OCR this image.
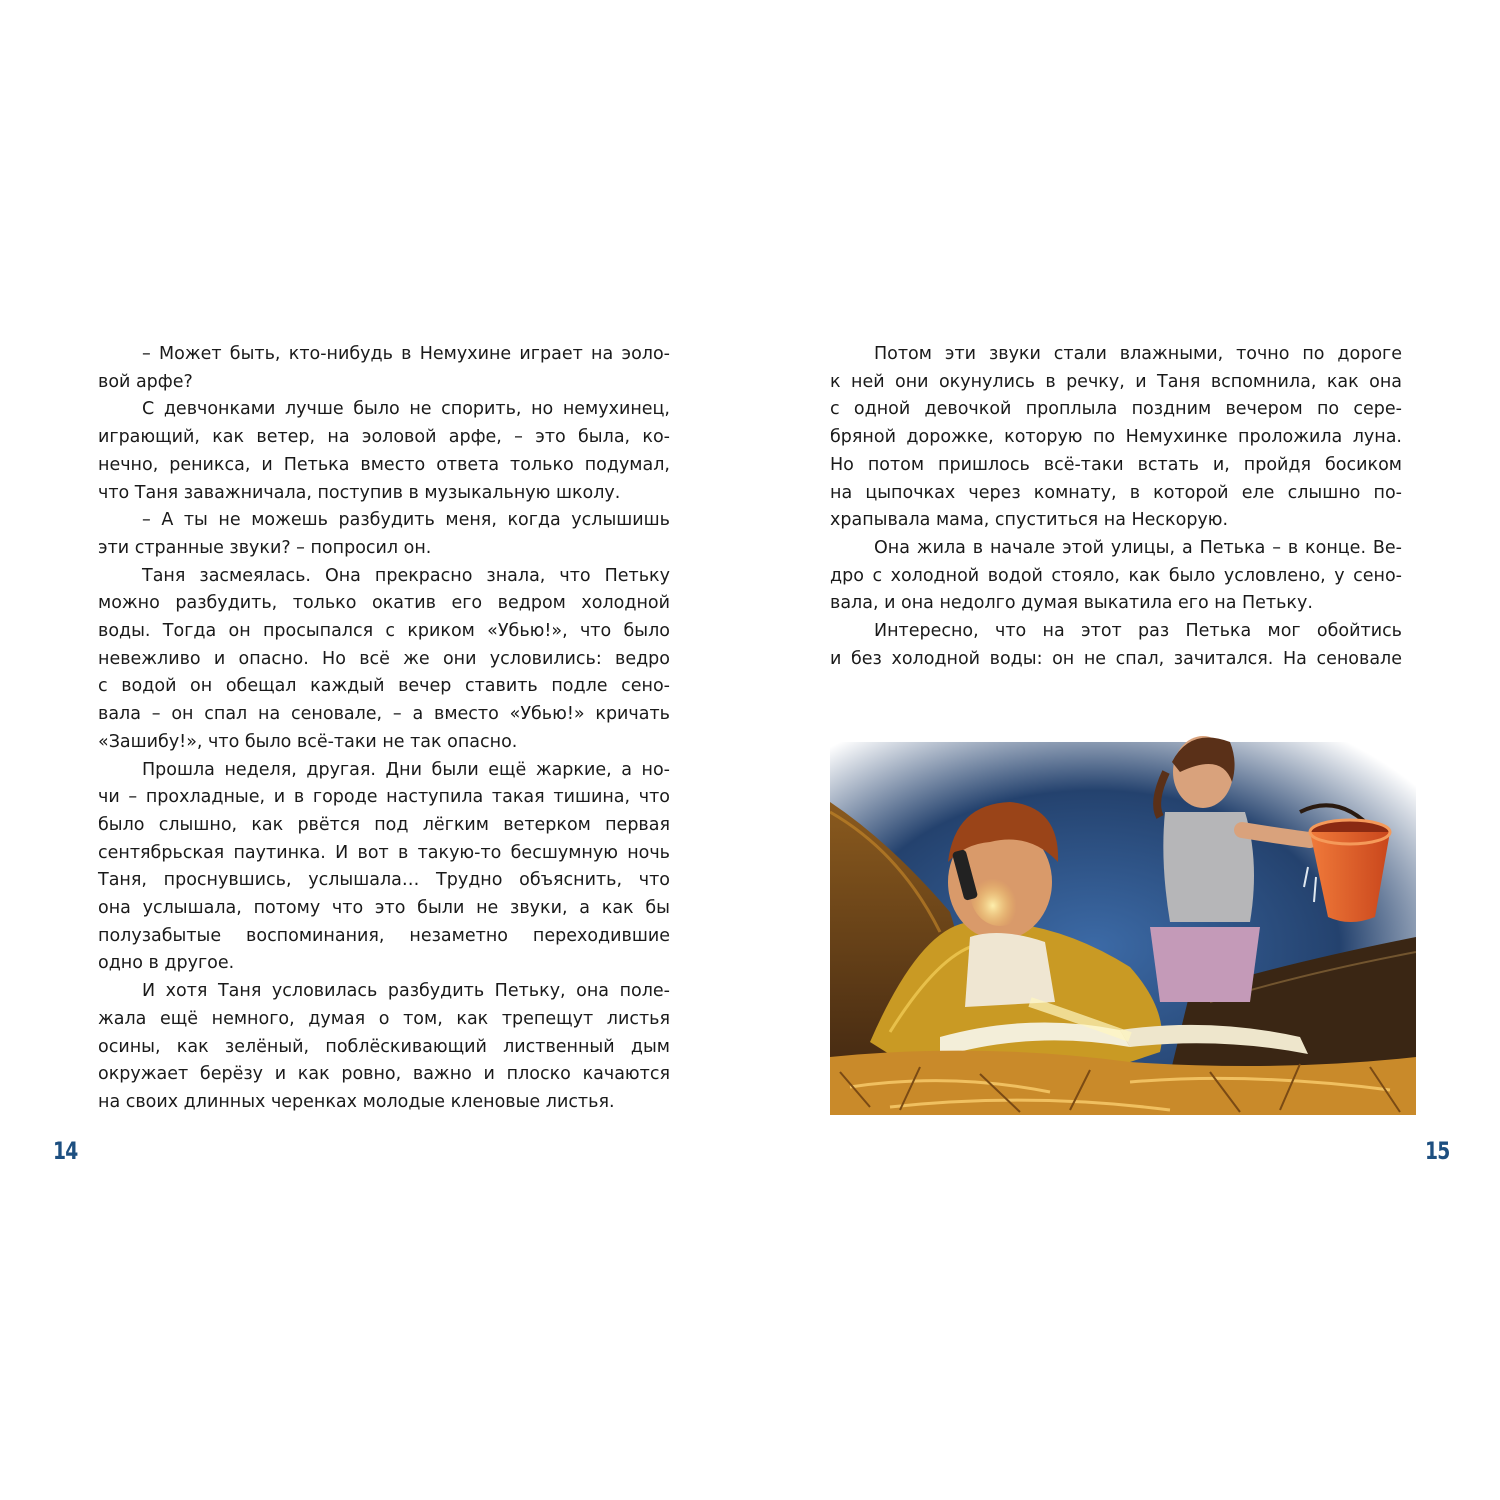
– Может быть, кто-нибудь в Немухине играет на эоло-
вой арфе?
С девчонками лучше было не спорить, но немухинец,
играющий, как ветер, на эоловой арфе, – это была, ко-
нечно, реникса, и Петька вместо ответа только подумал,
что Таня заважничала, поступив в музыкальную школу.
– А ты не можешь разбудить меня, когда услышишь
эти странные звуки? – попросил он.
Таня засмеялась. Она прекрасно знала, что Петьку
можно разбудить, только окатив его ведром холодной
воды. Тогда он просыпался с криком «Убью!», что было
невежливо и опасно. Но всё же они условились: ведро
с водой он обещал каждый вечер ставить подле сено-
вала – он спал на сеновале, – а вместо «Убью!» кричать
«Зашибу!», что было всё-таки не так опасно.
Прошла неделя, другая. Дни были ещё жаркие, а но-
чи – прохладные, и в городе наступила такая тишина, что
было слышно, как рвётся под лёгким ветерком первая
сентябрьская паутинка. И вот в такую-то бесшумную ночь
Таня, проснувшись, услышала… Трудно объяснить, что
она услышала, потому что это были не звуки, а как бы
полузабытые воспоминания, незаметно переходившие
одно в другое.
И хотя Таня условилась разбудить Петьку, она поле-
жала ещё немного, думая о том, как трепещут листья
осины, как зелёный, поблёскивающий лиственный дым
окружает берёзу и как ровно, важно и плоско качаются
на своих длинных черенках молодые кленовые листья.
14
Потом эти звуки стали влажными, точно по дороге
к ней они окунулись в речку, и Таня вспомнила, как она
с одной девочкой проплыла поздним вечером по сере-
бряной дорожке, которую по Немухинке проложила луна.
Но потом пришлось всё-таки встать и, пройдя босиком
на цыпочках через комнату, в которой еле слышно по-
храпывала мама, спуститься на Нескорую.
Она жила в начале этой улицы, а Петька – в конце. Ве-
дро с холодной водой стояло, как было условлено, у сено-
вала, и она недолго думая выкатила его на Петьку.
Интересно, что на этот раз Петька мог обойтись
и без холодной воды: он не спал, зачитался. На сеновале
15
